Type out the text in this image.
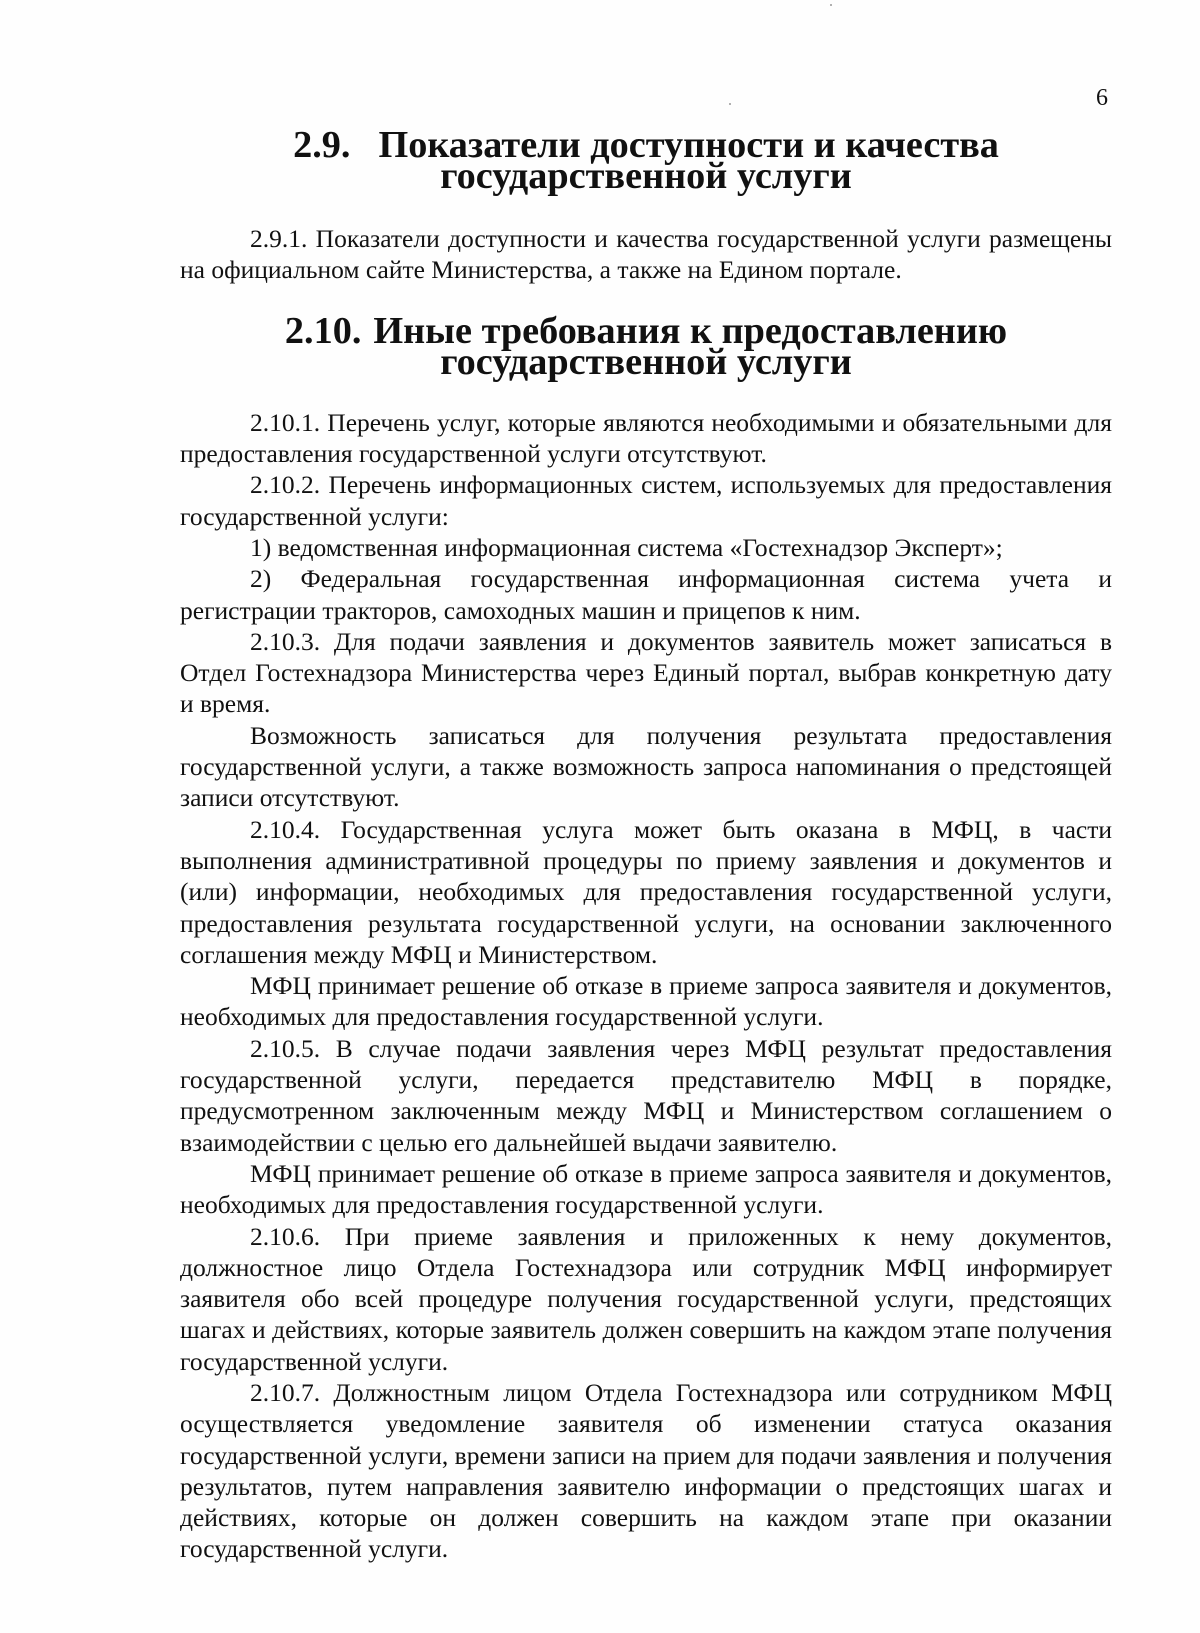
6
2.9. Показатели доступности и качества государственной услуги

2.9.1. Показатели доступности и качества государственной услуги размещены на официальном сайте Министерства, а также на Едином портале.

2.10. Иные требования к предоставлению государственной услуги

2.10.1. Перечень услуг, которые являются необходимыми и обязательными для предоставления государственной услуги отсутствуют.

2.10.2. Перечень информационных систем, используемых для предоставления государственной услуги:

1) ведомственная информационная система «Гостехнадзор Эксперт»;

2) Федеральная государственная информационная система учета и регистрации тракторов, самоходных машин и прицепов к ним.

2.10.3. Для подачи заявления и документов заявитель может записаться в Отдел Гостехнадзора Министерства через Единый портал, выбрав конкретную дату и время.

Возможность записаться для получения результата предоставления государственной услуги, а также возможность запроса напоминания о предстоящей записи отсутствуют.

2.10.4. Государственная услуга может быть оказана в МФЦ, в части выполнения административной процедуры по приему заявления и документов и (или) информации, необходимых для предоставления государственной услуги, предоставления результата государственной услуги, на основании заключенного соглашения между МФЦ и Министерством.

МФЦ принимает решение об отказе в приеме запроса заявителя и документов, необходимых для предоставления государственной услуги.

2.10.5. В случае подачи заявления через МФЦ результат предоставления государственной услуги, передается представителю МФЦ в порядке, предусмотренном заключенным между МФЦ и Министерством соглашением о взаимодействии с целью его дальнейшей выдачи заявителю.

МФЦ принимает решение об отказе в приеме запроса заявителя и документов, необходимых для предоставления государственной услуги.

2.10.6. При приеме заявления и приложенных к нему документов, должностное лицо Отдела Гостехнадзора или сотрудник МФЦ информирует заявителя обо всей процедуре получения государственной услуги, предстоящих шагах и действиях, которые заявитель должен совершить на каждом этапе получения государственной услуги.

2.10.7. Должностным лицом Отдела Гостехнадзора или сотрудником МФЦ осуществляется уведомление заявителя об изменении статуса оказания государственной услуги, времени записи на прием для подачи заявления и получения результатов, путем направления заявителю информации о предстоящих шагах и действиях, которые он должен совершить на каждом этапе при оказании государственной услуги.
